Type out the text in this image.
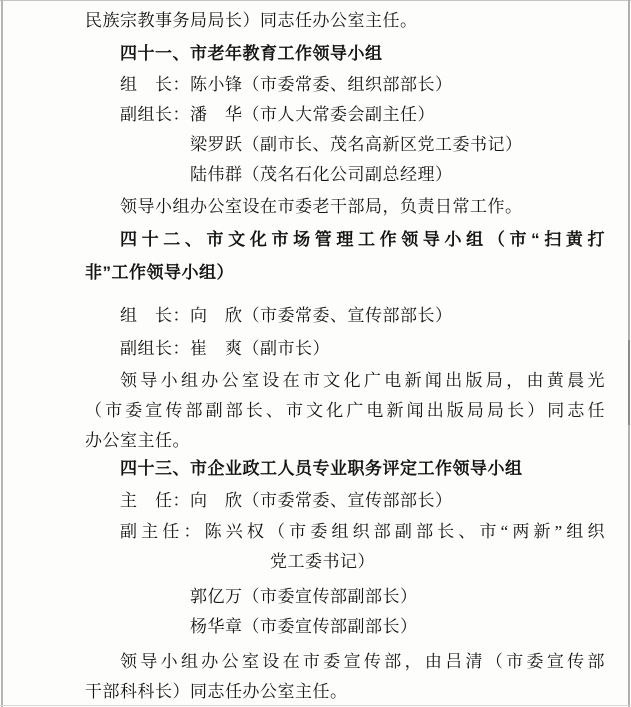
民族宗教事务局局长）同志任办公室主任。
四十一、市老年教育工作领导小组
组　长：陈小锋（市委常委、组织部部长）
副组长：潘　华（市人大常委会副主任）
梁罗跃（副市长、茂名高新区党工委书记）
陆伟群（茂名石化公司副总经理）
领导小组办公室设在市委老干部局，负责日常工作。
四十二、市文化市场管理工作领导小组（市“扫黄打
非”工作领导小组）
组　长：向　欣（市委常委、宣传部部长）
副组长：崔　爽（副市长）
领导小组办公室设在市文化广电新闻出版局，由黄晨光
（市委宣传部副部长、市文化广电新闻出版局局长）同志任
办公室主任。
四十三、市企业政工人员专业职务评定工作领导小组
主　任：向　欣（市委常委、宣传部部长）
副主任：陈兴权（市委组织部副部长、市“两新”组织
党工委书记）
郭亿万（市委宣传部副部长）
杨华章（市委宣传部副部长）
领导小组办公室设在市委宣传部，由吕清（市委宣传部
干部科科长）同志任办公室主任。
